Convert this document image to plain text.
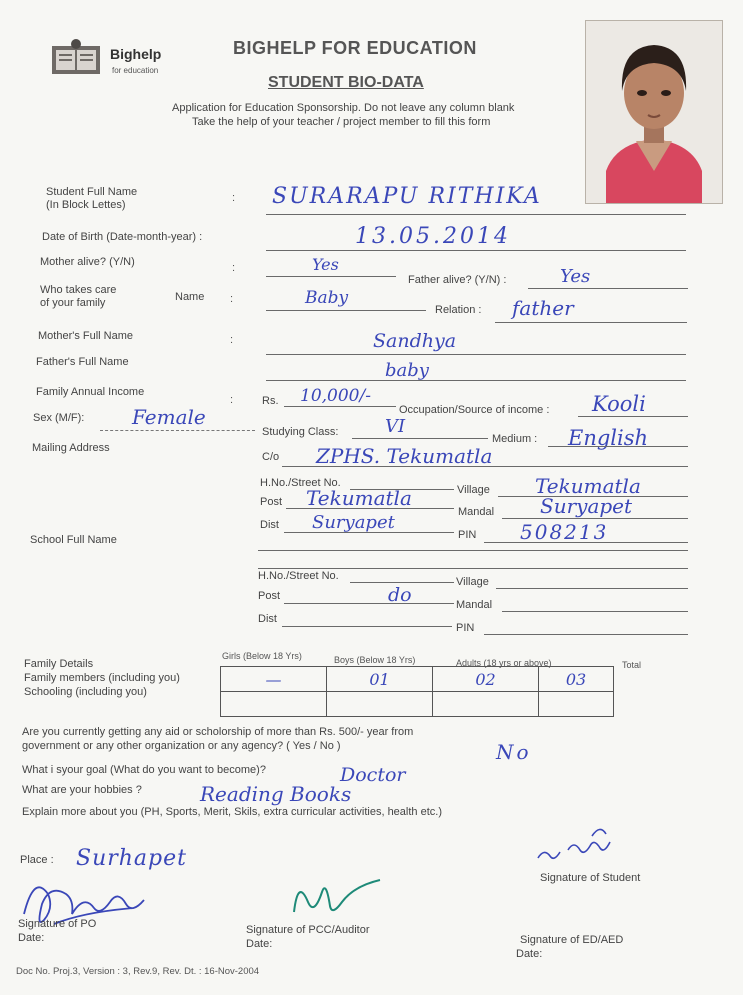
Bighelp
for education
BIGHELP FOR EDUCATION
STUDENT BIO-DATA
Application for Education Sponsorship. Do not leave any column blank
Take the help of your teacher / project member to fill this form
Student Full Name
(In Block Lettes)
: SURARAPU RITHIKA
Date of Birth (Date-month-year) :	13.05.2014
Mother alive? (Y/N)	:	Yes
Father alive? (Y/N) :	Yes
Who takes care
of your family	Name :	Baby
Relation : father
Mother's Full Name	:	Sandhya
Father's Full Name	baby
Family Annual Income
:	Rs. 10,000/-
Occupation/Source of income : Kooli
Sex (M/F): Female
Studying Class:	VI
Medium : English
Mailing Address
C/o ZPHS. Tekumatla
H.No./Street No.
Village Tekumatla
Post Tekumatla
Mandal Suryapet
Dist Suryapet
PIN 508213
School Full Name
H.No./Street No.	Village
Post	do	Mandal
Dist
PIN
Girls (Below 18 Yrs)	Boys (Below 18 Yrs)	Adults (18 yrs or above)	Total
Family Details
Family members (including you)
Schooling (including you)
—	01	02	03

Are you currently getting any aid or scholorship of more than Rs. 500/- year from
government or any other organization or any agency? ( Yes / No )	No
What i syour goal (What do you want to become)?	Doctor
What are your hobbies ?	Reading Books
Explain more about you (PH, Sports, Merit, Skils, extra curricular activities, health etc.)
Place : Surhapet
Signature of Student
Signature of PO
Date:
Signature of PCC/Auditor
Date:	Signature of ED/AED
Date:
Doc No. Proj.3, Version : 3, Rev.9, Rev. Dt. : 16-Nov-2004
